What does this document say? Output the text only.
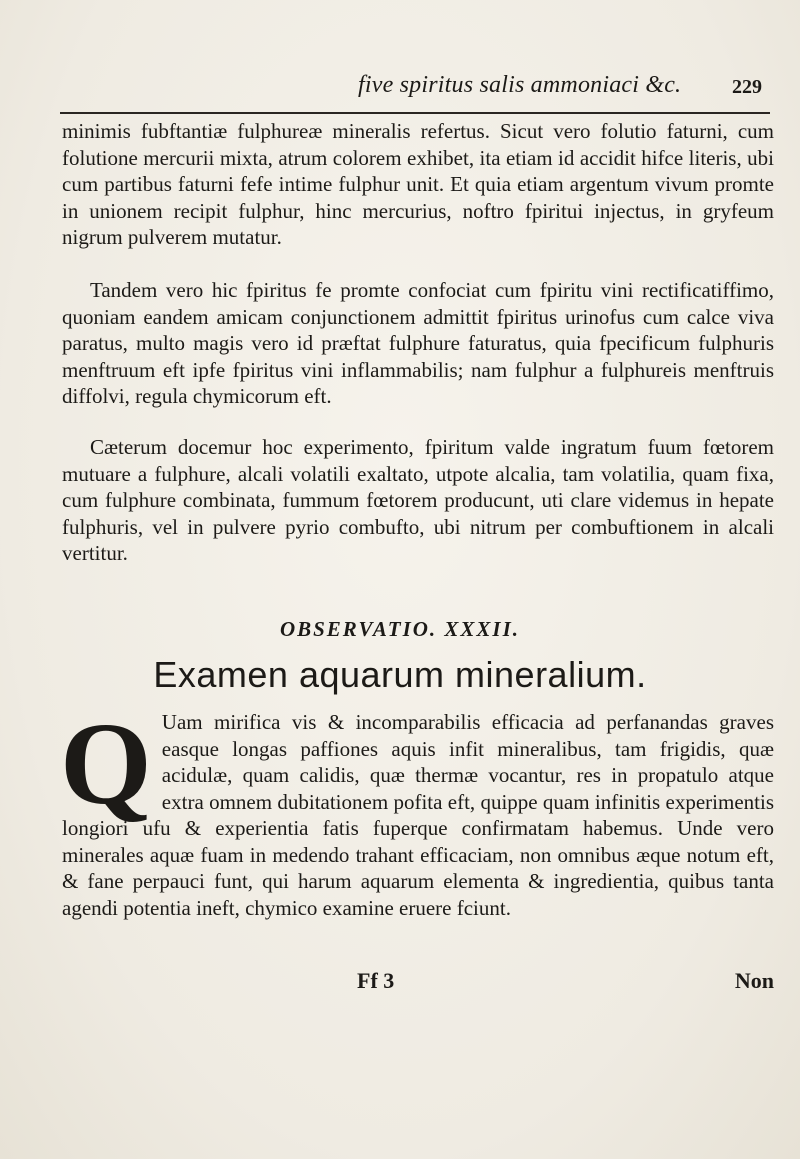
five spiritus salis ammoniaci &c.	229

minimis fubftantiæ fulphureæ mineralis refertus. Sicut vero folutio faturni, cum folutione mercurii mixta, atrum colorem exhibet, ita etiam id accidit hifce literis, ubi cum partibus faturni fefe intime fulphur unit. Et quia etiam argentum vivum promte in unionem recipit fulphur, hinc mercurius, noftro fpiritui injectus, in gryfeum nigrum pulverem mutatur.

Tandem vero hic fpiritus fe promte confociat cum fpiritu vini rectificatiffimo, quoniam eandem amicam conjunctionem admittit fpiritus urinofus cum calce viva paratus, multo magis vero id præftat fulphure faturatus, quia fpecificum fulphuris menftruum eft ipfe fpiritus vini inflammabilis; nam fulphur a fulphureis menftruis diffolvi, regula chymicorum eft.

Cæterum docemur hoc experimento, fpiritum valde ingratum fuum fœtorem mutuare a fulphure, alcali volatili exaltato, utpote alcalia, tam volatilia, quam fixa, cum fulphure combinata, fummum fœtorem producunt, uti clare videmus in hepate fulphuris, vel in pulvere pyrio combufto, ubi nitrum per combuftionem in alcali vertitur.

OBSERVATIO. XXXII.
Examen aquarum mineralium.

Q Uam mirifica vis & incomparabilis efficacia ad perfanandas graves easque longas paffiones aquis infit mineralibus, tam frigidis, quæ acidulæ, quam calidis, quæ thermæ vocantur, res in propatulo atque extra omnem dubitationem pofita eft, quippe quam infinitis experimentis longiori ufu & experientia fatis fuperque confirmatam habemus. Unde vero minerales aquæ fuam in medendo trahant efficaciam, non omnibus æque notum eft, & fane perpauci funt, qui harum aquarum elementa & ingredientia, quibus tanta agendi potentia ineft, chymico examine eruere fciunt.

Ff 3	Non
